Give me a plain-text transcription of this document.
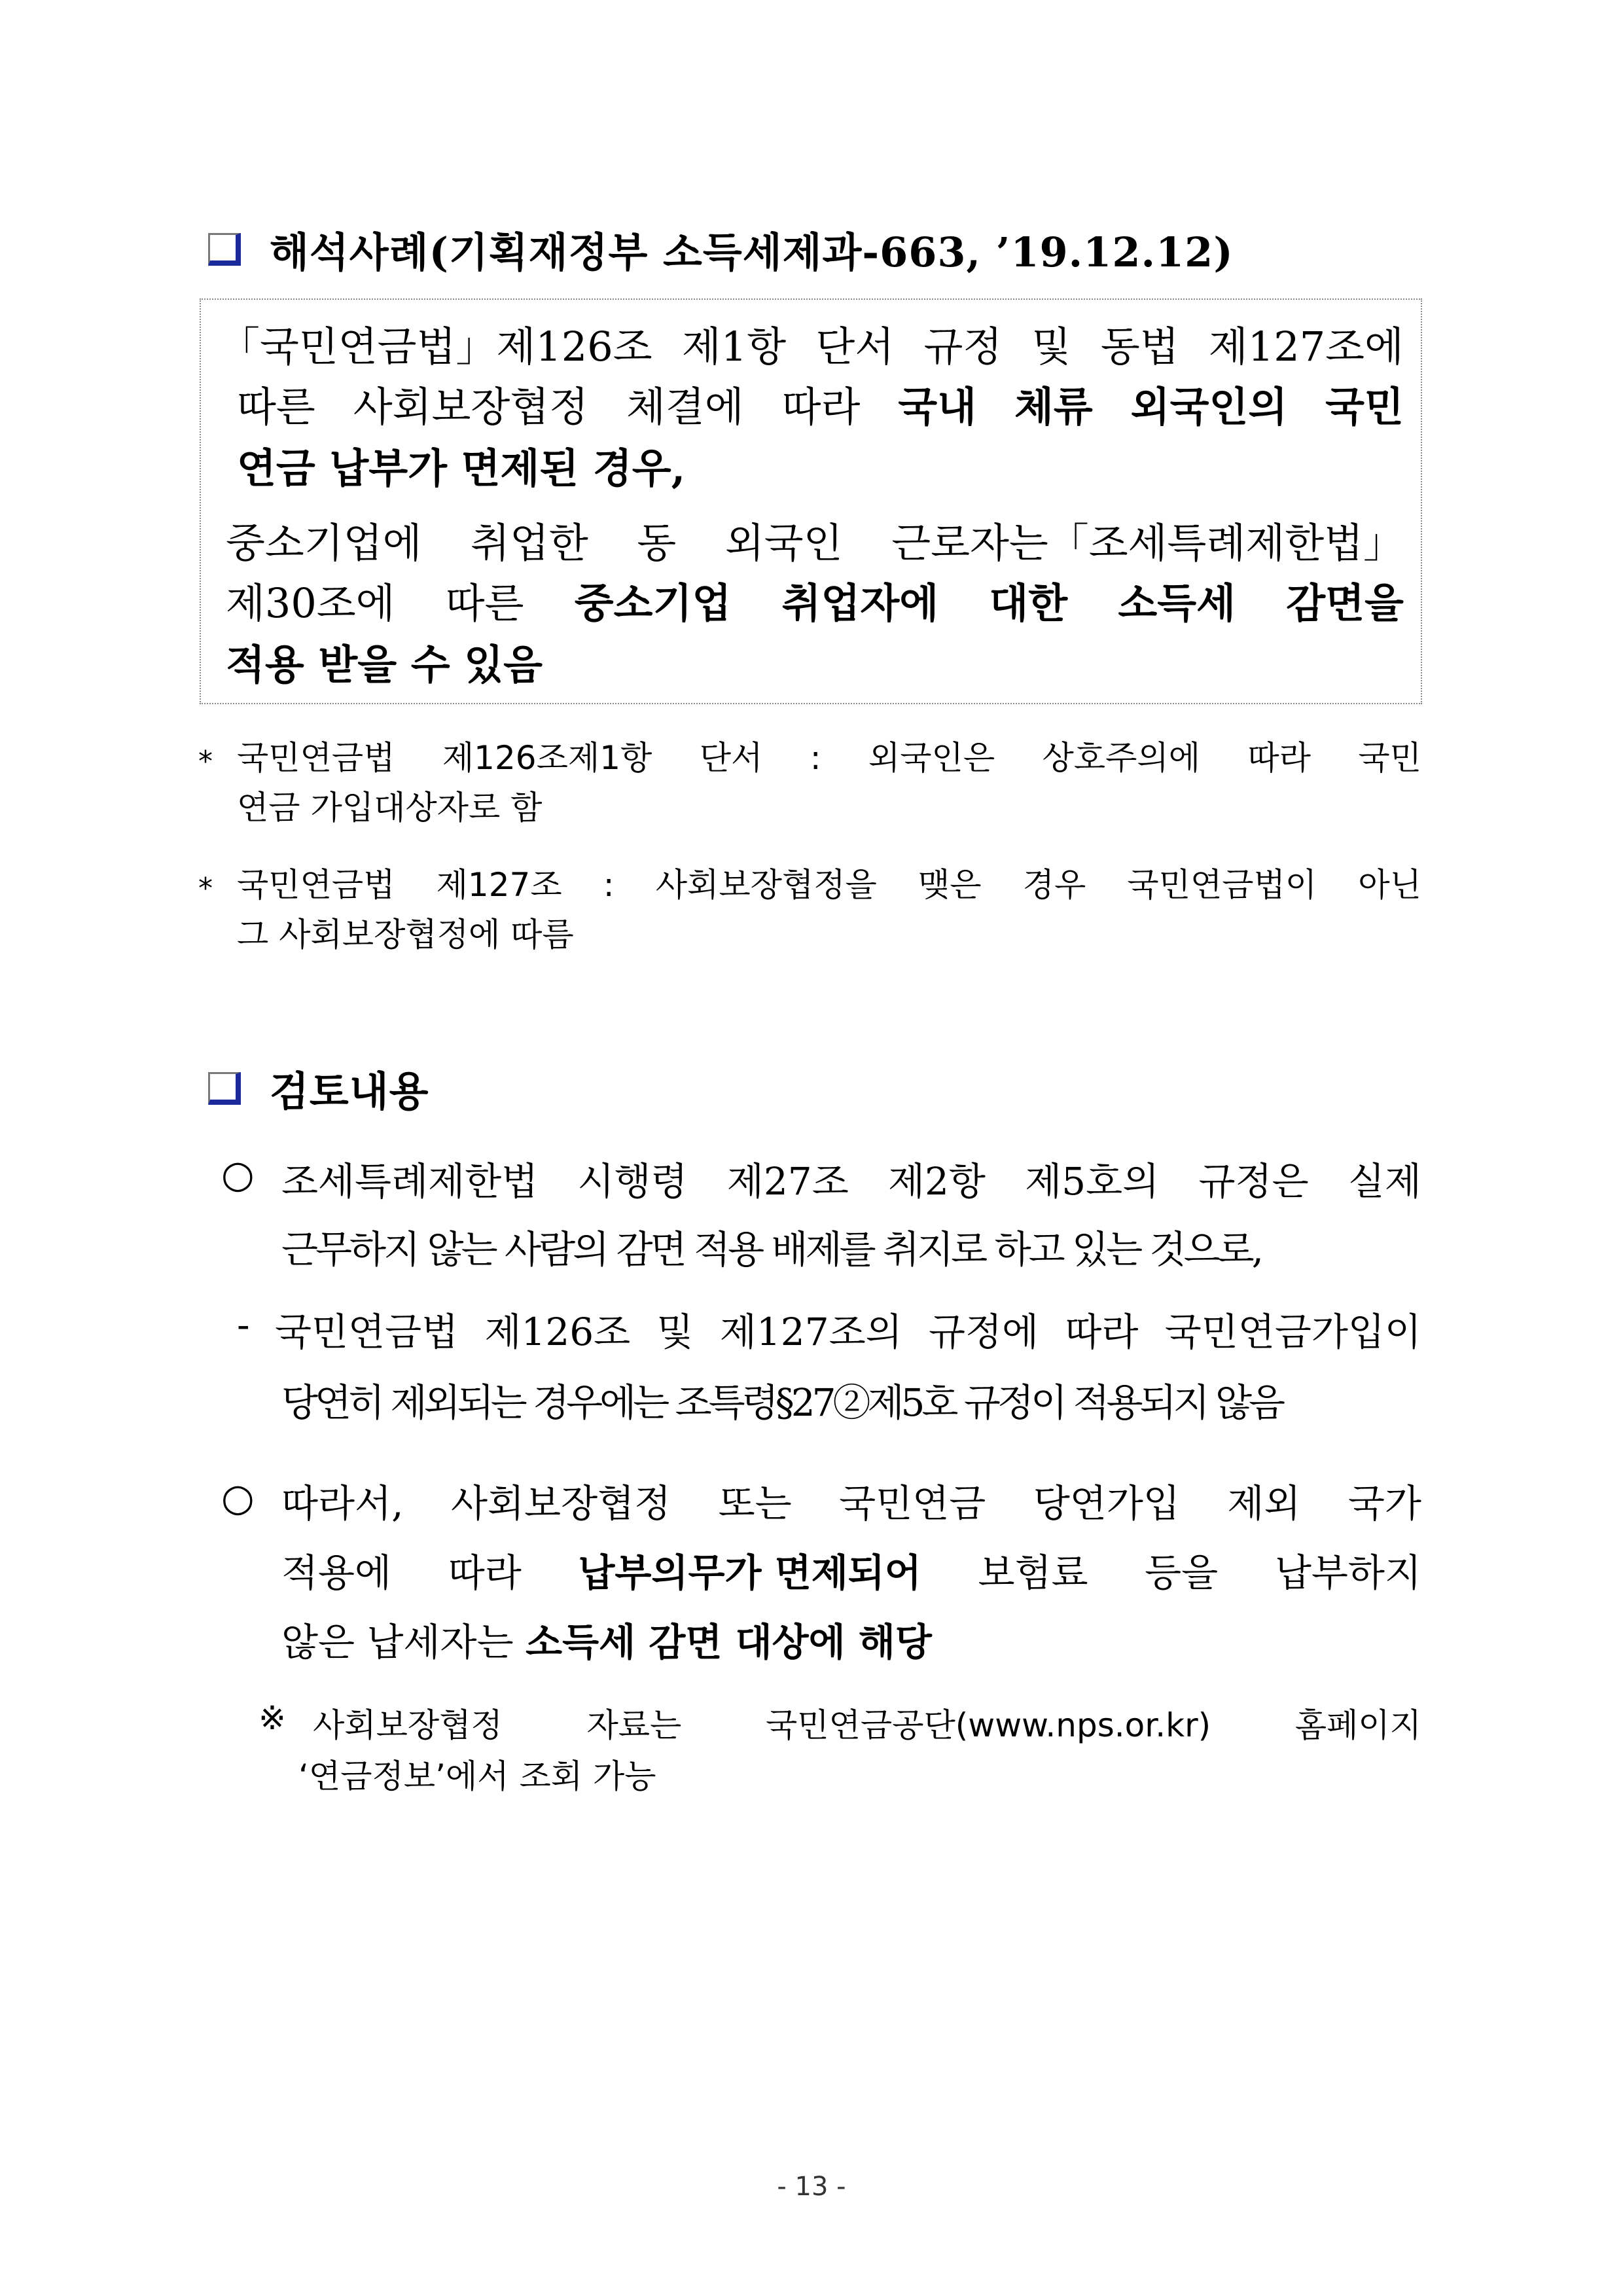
해석사례(기획재정부 소득세제과-663, ’19.12.12)
「국민연금법」제126조 제1항 단서 규정 및 동법 제127조에
따른 사회보장협정 체결에 따라 국내 체류 외국인의 국민
연금 납부가 면제된 경우,
중소기업에 취업한 동 외국인 근로자는「조세특례제한법」
제30조에 따른 중소기업 취업자에 대한 소득세 감면을
적용 받을 수 있음
* 국민연금법 제126조제1항 단서 : 외국인은 상호주의에 따라 국민
연금 가입대상자로 함
* 국민연금법 제127조 : 사회보장협정을 맺은 경우 국민연금법이 아닌
그 사회보장협정에 따름
검토내용
○ 조세특례제한법 시행령 제27조 제2항 제5호의 규정은 실제
근무하지 않는 사람의 감면 적용 배제를 취지로 하고 있는 것으로,
- 국민연금법 제126조 및 제127조의 규정에 따라 국민연금가입이
당연히 제외되는 경우에는 조특령§27②제5호 규정이 적용되지 않음
○ 따라서, 사회보장협정 또는 국민연금 당연가입 제외 국가
적용에 따라 납부의무가 면제되어 보험료 등을 납부하지
않은 납세자는 소득세 감면 대상에 해당
※ 사회보장협정	자료는	국민연금공단(www.nps.or.kr)	홈페이지
‘연금정보’에서 조회 가능
- 13 -
